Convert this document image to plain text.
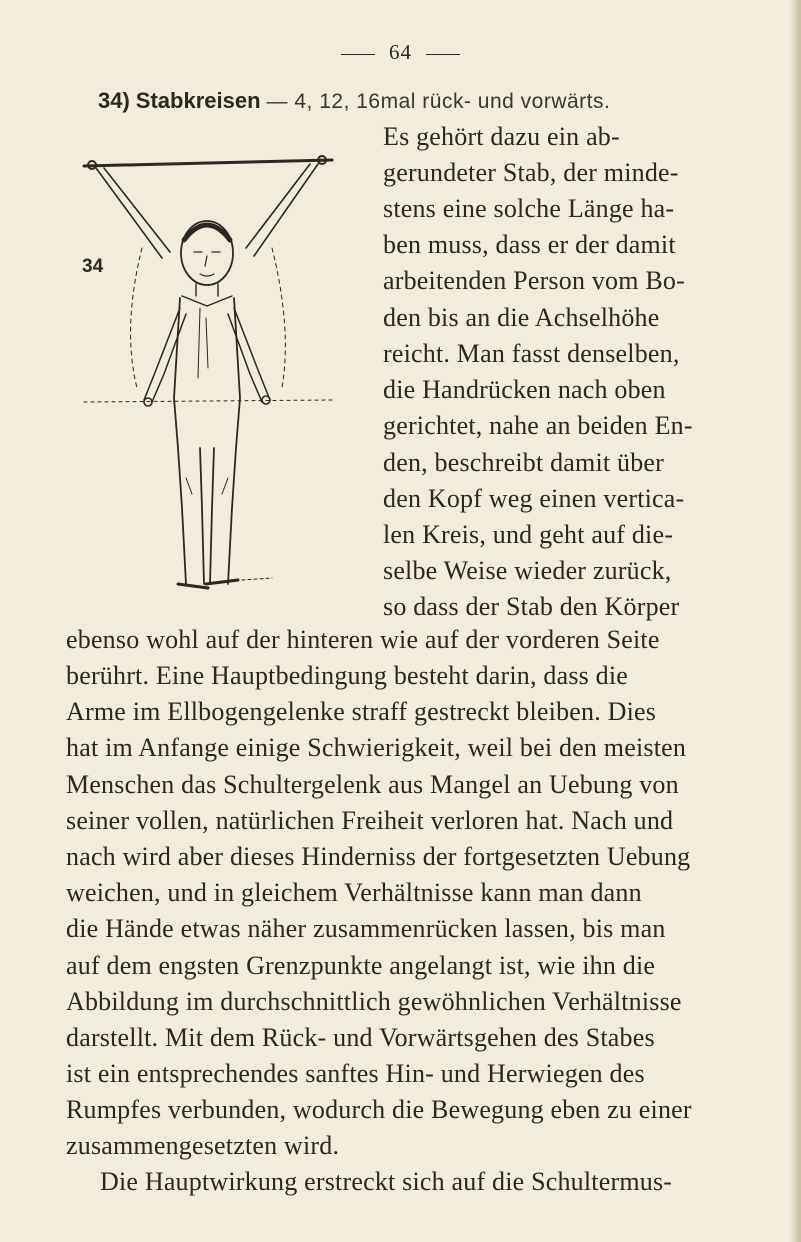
64
34) Stabkreisen — 4, 12, 16mal rück- und vorwärts.
34
Es gehört dazu ein ab-
gerundeter Stab, der minde-
stens eine solche Länge ha-
ben muss, dass er der damit
arbeitenden Person vom Bo-
den bis an die Achselhöhe
reicht. Man fasst denselben,
die Handrücken nach oben
gerichtet, nahe an beiden En-
den, beschreibt damit über
den Kopf weg einen vertica-
len Kreis, und geht auf die-
selbe Weise wieder zurück,
so dass der Stab den Körper
ebenso wohl auf der hinteren wie auf der vorderen Seite
berührt. Eine Hauptbedingung besteht darin, dass die
Arme im Ellbogengelenke straff gestreckt bleiben. Dies
hat im Anfange einige Schwierigkeit, weil bei den meisten
Menschen das Schultergelenk aus Mangel an Uebung von
seiner vollen, natürlichen Freiheit verloren hat. Nach und
nach wird aber dieses Hinderniss der fortgesetzten Uebung
weichen, und in gleichem Verhältnisse kann man dann
die Hände etwas näher zusammenrücken lassen, bis man
auf dem engsten Grenzpunkte angelangt ist, wie ihn die
Abbildung im durchschnittlich gewöhnlichen Verhältnisse
darstellt. Mit dem Rück- und Vorwärtsgehen des Stabes
ist ein entsprechendes sanftes Hin- und Herwiegen des
Rumpfes verbunden, wodurch die Bewegung eben zu einer
zusammengesetzten wird.
Die Hauptwirkung erstreckt sich auf die Schultermus-
